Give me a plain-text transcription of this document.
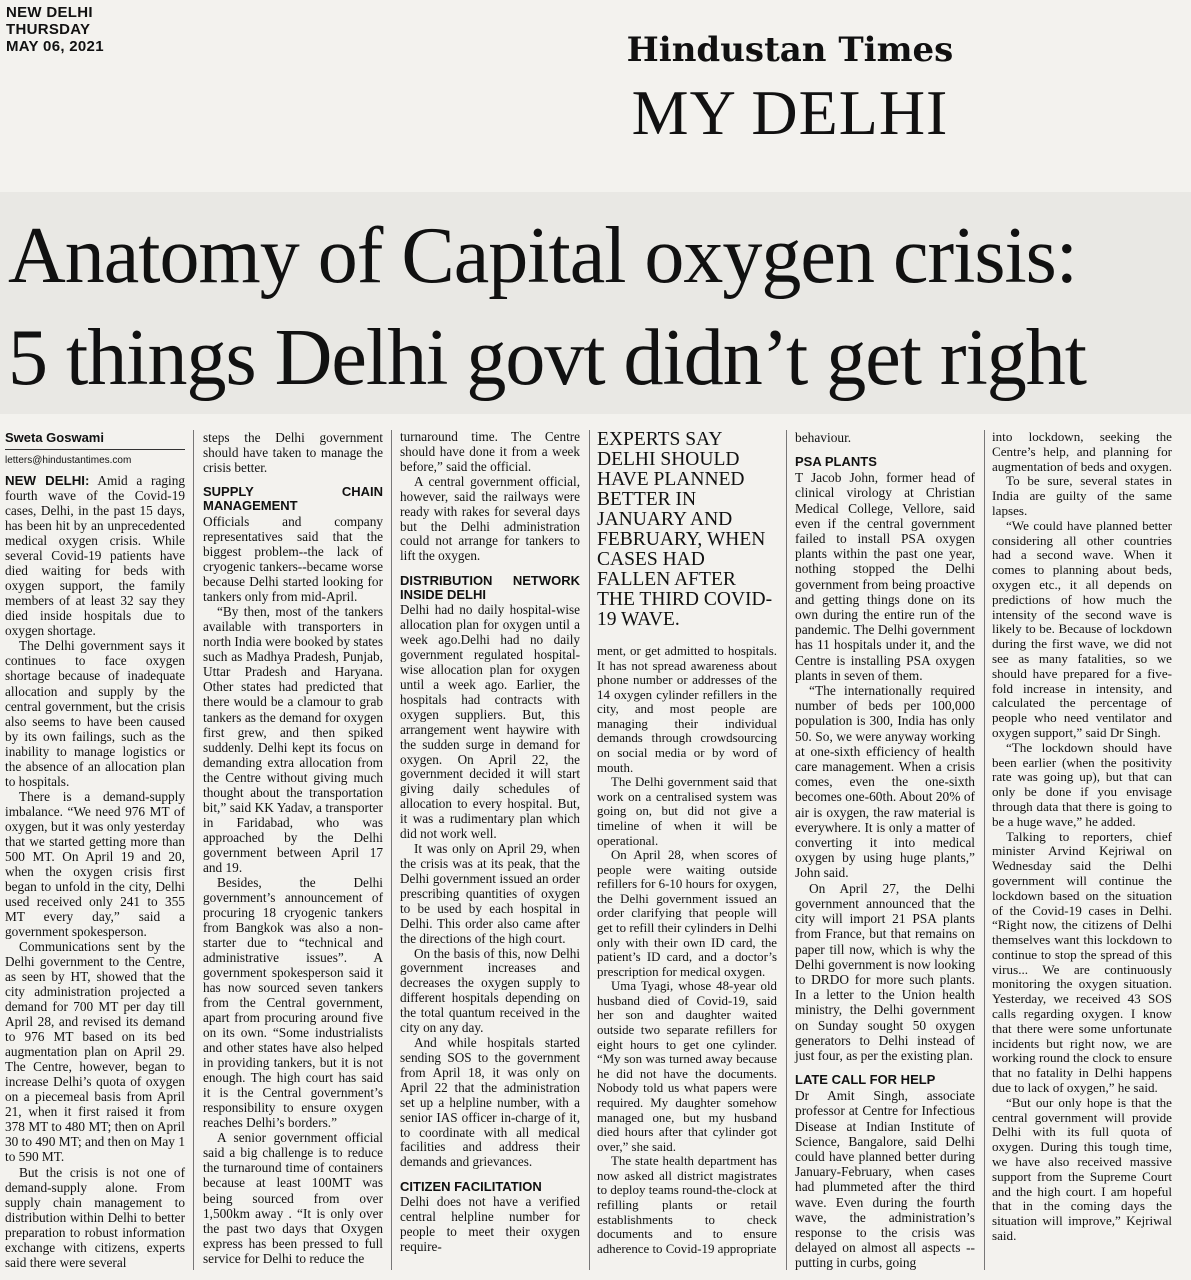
NEW DELHI
THURSDAY
MAY 06, 2021	Hindustan Times
MY DELHI
Anatomy of Capital oxygen crisis:
5 things Delhi govt didn’t get right
Sweta Goswami
letters@hindustantimes.com

NEW DELHI: Amid a raging fourth wave of the Covid-19 cases, Delhi, in the past 15 days, has been hit by an unprecedented medical oxygen crisis. While several Covid-19 patients have died waiting for beds with oxygen support, the family members of at least 32 say they died inside hospitals due to oxygen shortage.

The Delhi government says it continues to face oxygen shortage because of inadequate allocation and supply by the central government, but the crisis also seems to have been caused by its own failings, such as the inability to manage logistics or the absence of an allocation plan to hospitals.

There is a demand-supply imbalance. “We need 976 MT of oxygen, but it was only yesterday that we started getting more than 500 MT. On April 19 and 20, when the oxygen crisis first began to unfold in the city, Delhi used received only 241 to 355 MT every day,” said a government spokesperson.

Communications sent by the Delhi government to the Centre, as seen by HT, showed that the city administration projected a demand for 700 MT per day till April 28, and revised its demand to 976 MT based on its bed augmentation plan on April 29. The Centre, however, began to increase Delhi’s quota of oxygen on a piecemeal basis from April 21, when it first raised it from 378 MT to 480 MT; then on April 30 to 490 MT; and then on May 1 to 590 MT.

But the crisis is not one of demand-supply alone. From supply chain management to distribution within Delhi to better preparation to robust information exchange with citizens, experts said there were several

steps the Delhi government should have taken to manage the crisis better.

SUPPLY CHAIN MANAGEMENT

Officials and company representatives said that the biggest problem--the lack of cryogenic tankers--became worse because Delhi started looking for tankers only from mid-April.

“By then, most of the tankers available with transporters in north India were booked by states such as Madhya Pradesh, Punjab, Uttar Pradesh and Haryana. Other states had predicted that there would be a clamour to grab tankers as the demand for oxygen first grew, and then spiked suddenly. Delhi kept its focus on demanding extra allocation from the Centre without giving much thought about the transportation bit,” said KK Yadav, a transporter in Faridabad, who was approached by the Delhi government between April 17 and 19.

Besides, the Delhi government’s announcement of procuring 18 cryogenic tankers from Bangkok was also a non-starter due to “technical and administrative issues”. A government spokesperson said it has now sourced seven tankers from the Central government, apart from procuring around five on its own. “Some industrialists and other states have also helped in providing tankers, but it is not enough. The high court has said it is the Central government’s responsibility to ensure oxygen reaches Delhi’s borders.”

A senior government official said a big challenge is to reduce the turnaround time of containers because at least 100MT was being sourced from over 1,500km away . “It is only over the past two days that Oxygen express has been pressed to full service for Delhi to reduce the

turnaround time. The Centre should have done it from a week before,” said the official.

A central government official, however, said the railways were ready with rakes for several days but the Delhi administration could not arrange for tankers to lift the oxygen.

DISTRIBUTION NETWORK INSIDE DELHI

Delhi had no daily hospital-wise allocation plan for oxygen until a week ago.Delhi had no daily government regulated hospital-wise allocation plan for oxygen until a week ago. Earlier, the hospitals had contracts with oxygen suppliers. But, this arrangement went haywire with the sudden surge in demand for oxygen. On April 22, the government decided it will start giving daily schedules of allocation to every hospital. But, it was a rudimentary plan which did not work well.

It was only on April 29, when the crisis was at its peak, that the Delhi government issued an order prescribing quantities of oxygen to be used by each hospital in Delhi. This order also came after the directions of the high court.

On the basis of this, now Delhi government increases and decreases the oxygen supply to different hospitals depending on the total quantum received in the city on any day.

And while hospitals started sending SOS to the government from April 18, it was only on April 22 that the administration set up a helpline number, with a senior IAS officer in-charge of it, to coordinate with all medical facilities and address their demands and grievances.

CITIZEN FACILITATION

Delhi does not have a verified central helpline number for people to meet their oxygen require-

EXPERTS SAY DELHI SHOULD HAVE PLANNED BETTER IN JANUARY AND FEBRUARY, WHEN CASES HAD FALLEN AFTER THE THIRD COVID-19 WAVE.

ment, or get admitted to hospitals. It has not spread awareness about phone number or addresses of the 14 oxygen cylinder refillers in the city, and most people are managing their individual demands through crowdsourcing on social media or by word of mouth.

The Delhi government said that work on a centralised system was going on, but did not give a timeline of when it will be operational.

On April 28, when scores of people were waiting outside refillers for 6-10 hours for oxygen, the Delhi government issued an order clarifying that people will get to refill their cylinders in Delhi only with their own ID card, the patient’s ID card, and a doctor’s prescription for medical oxygen.

Uma Tyagi, whose 48-year old husband died of Covid-19, said her son and daughter waited outside two separate refillers for eight hours to get one cylinder. “My son was turned away because he did not have the documents. Nobody told us what papers were required. My daughter somehow managed one, but my husband died hours after that cylinder got over,” she said.

The state health department has now asked all district magistrates to deploy teams round-the-clock at refilling plants or retail establishments to check documents and to ensure adherence to Covid-19 appropriate

behaviour.

PSA PLANTS

T Jacob John, former head of clinical virology at Christian Medical College, Vellore, said even if the central government failed to install PSA oxygen plants within the past one year, nothing stopped the Delhi government from being proactive and getting things done on its own during the entire run of the pandemic. The Delhi government has 11 hospitals under it, and the Centre is installing PSA oxygen plants in seven of them.

“The internationally required number of beds per 100,000 population is 300, India has only 50. So, we were anyway working at one-sixth efficiency of health care management. When a crisis comes, even the one-sixth becomes one-60th. About 20% of air is oxygen, the raw material is everywhere. It is only a matter of converting it into medical oxygen by using huge plants,” John said.

On April 27, the Delhi government announced that the city will import 21 PSA plants from France, but that remains on paper till now, which is why the Delhi government is now looking to DRDO for more such plants. In a letter to the Union health ministry, the Delhi government on Sunday sought 50 oxygen generators to Delhi instead of just four, as per the existing plan.

LATE CALL FOR HELP

Dr Amit Singh, associate professor at Centre for Infectious Disease at Indian Institute of Science, Bangalore, said Delhi could have planned better during January-February, when cases had plummeted after the third wave. Even during the fourth wave, the administration’s response to the crisis was delayed on almost all aspects -- putting in curbs, going

into lockdown, seeking the Centre’s help, and planning for augmentation of beds and oxygen.

To be sure, several states in India are guilty of the same lapses.

“We could have planned better considering all other countries had a second wave. When it comes to planning about beds, oxygen etc., it all depends on predictions of how much the intensity of the second wave is likely to be. Because of lockdown during the first wave, we did not see as many fatalities, so we should have prepared for a five-fold increase in intensity, and calculated the percentage of people who need ventilator and oxygen support,” said Dr Singh.

“The lockdown should have been earlier (when the positivity rate was going up), but that can only be done if you envisage through data that there is going to be a huge wave,” he added.

Talking to reporters, chief minister Arvind Kejriwal on Wednesday said the Delhi government will continue the lockdown based on the situation of the Covid-19 cases in Delhi. “Right now, the citizens of Delhi themselves want this lockdown to continue to stop the spread of this virus... We are continuously monitoring the oxygen situation. Yesterday, we received 43 SOS calls regarding oxygen. I know that there were some unfortunate incidents but right now, we are working round the clock to ensure that no fatality in Delhi happens due to lack of oxygen,” he said.

“But our only hope is that the central government will provide Delhi with its full quota of oxygen. During this tough time, we have also received massive support from the Supreme Court and the high court. I am hopeful that in the coming days the situation will improve,” Kejriwal said.
